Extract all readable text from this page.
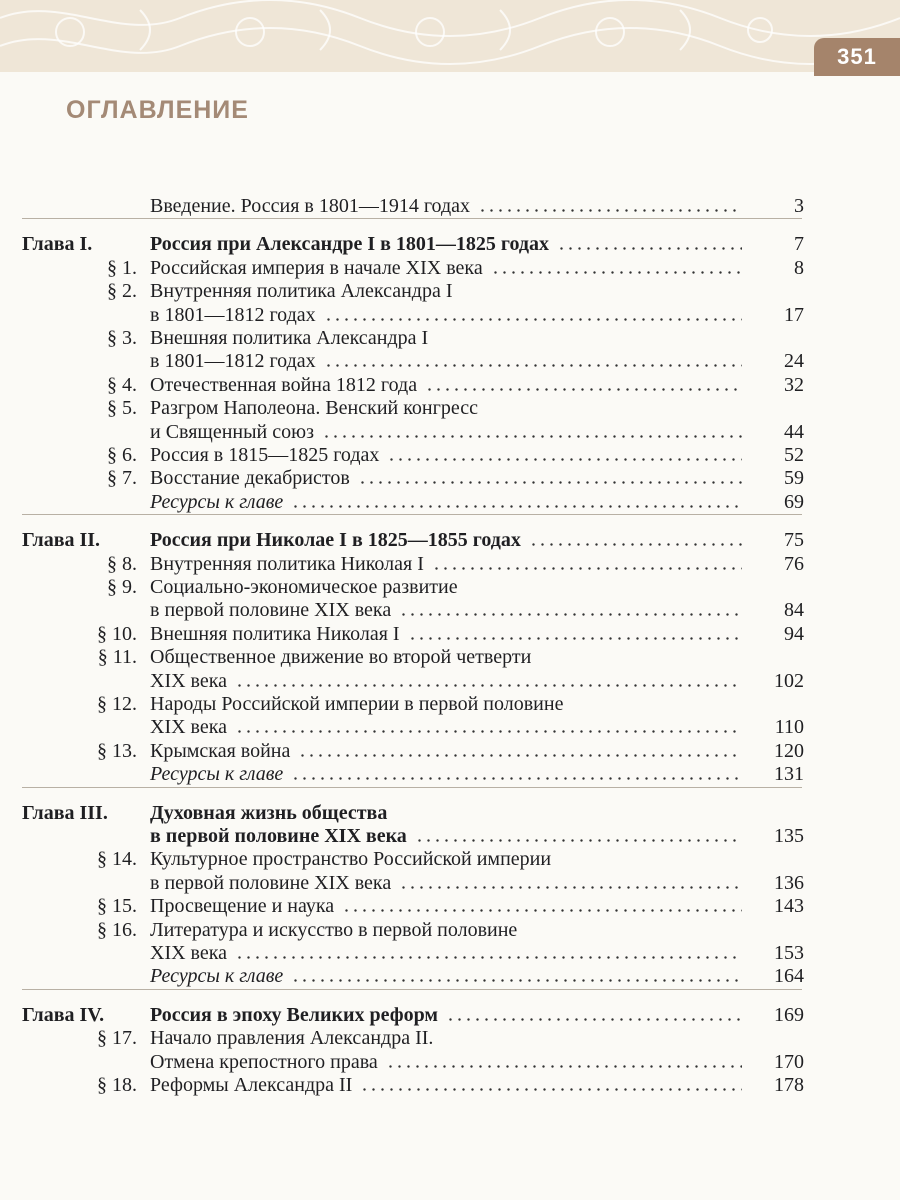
351
ОГЛАВЛЕНИЕ
Введение. Россия в 1801—1914 годах	3
Глава I.	Россия при Александре I в 1801—1825 годах	7
§ 1. Российская империя в начале XIX века	8
§ 2. Внутренняя политика Александра I
в 1801—1812 годах	17
§ 3. Внешняя политика Александра I
в 1801—1812 годах	24
§ 4. Отечественная война 1812 года	32
§ 5. Разгром Наполеона. Венский конгресс
и Священный союз	44
§ 6. Россия в 1815—1825 годах	52
§ 7. Восстание декабристов	59
Ресурсы к главе	69
Глава II. Россия при Николае I в 1825—1855 годах	75
§ 8. Внутренняя политика Николая I	76
§ 9. Социально-экономическое развитие
в первой половине XIX века	84
§ 10. Внешняя политика Николая I	94
§ 11. Общественное движение во второй четверти
XIX века	102
§ 12. Народы Российской империи в первой половине
XIX века	110
§ 13. Крымская война	120
Ресурсы к главе	131
Глава III. Духовная жизнь общества
в первой половине XIX века	135
§ 14. Культурное пространство Российской империи
в первой половине XIX века	136
§ 15. Просвещение и наука	143
§ 16. Литература и искусство в первой половине
XIX века	153
Ресурсы к главе	164
Глава IV. Россия в эпоху Великих реформ	169
§ 17. Начало правления Александра II.
Отмена крепостного права	170
§ 18. Реформы Александра II	178
